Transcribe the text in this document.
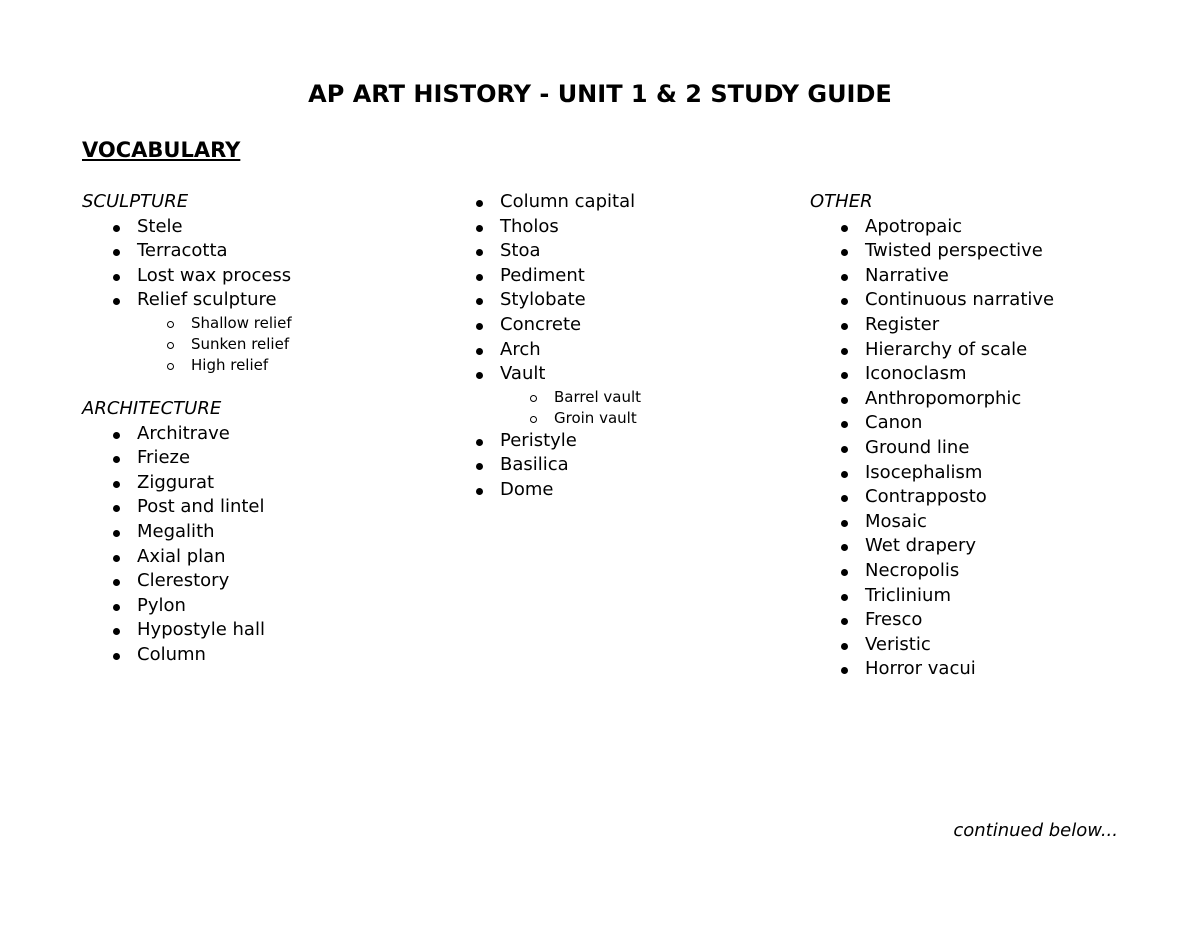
AP ART HISTORY - UNIT 1 & 2 STUDY GUIDE
VOCABULARY
SCULPTURE
Stele
Terracotta
Lost wax process
Relief sculpture
Shallow relief
Sunken relief
High relief
ARCHITECTURE
Architrave
Frieze
Ziggurat
Post and lintel
Megalith
Axial plan
Clerestory
Pylon
Hypostyle hall
Column
Column capital
Tholos
Stoa
Pediment
Stylobate
Concrete
Arch
Vault
Barrel vault
Groin vault
Peristyle
Basilica
Dome
OTHER
Apotropaic
Twisted perspective
Narrative
Continuous narrative
Register
Hierarchy of scale
Iconoclasm
Anthropomorphic
Canon
Ground line
Isocephalism
Contrapposto
Mosaic
Wet drapery
Necropolis
Triclinium
Fresco
Veristic
Horror vacui

continued below...
